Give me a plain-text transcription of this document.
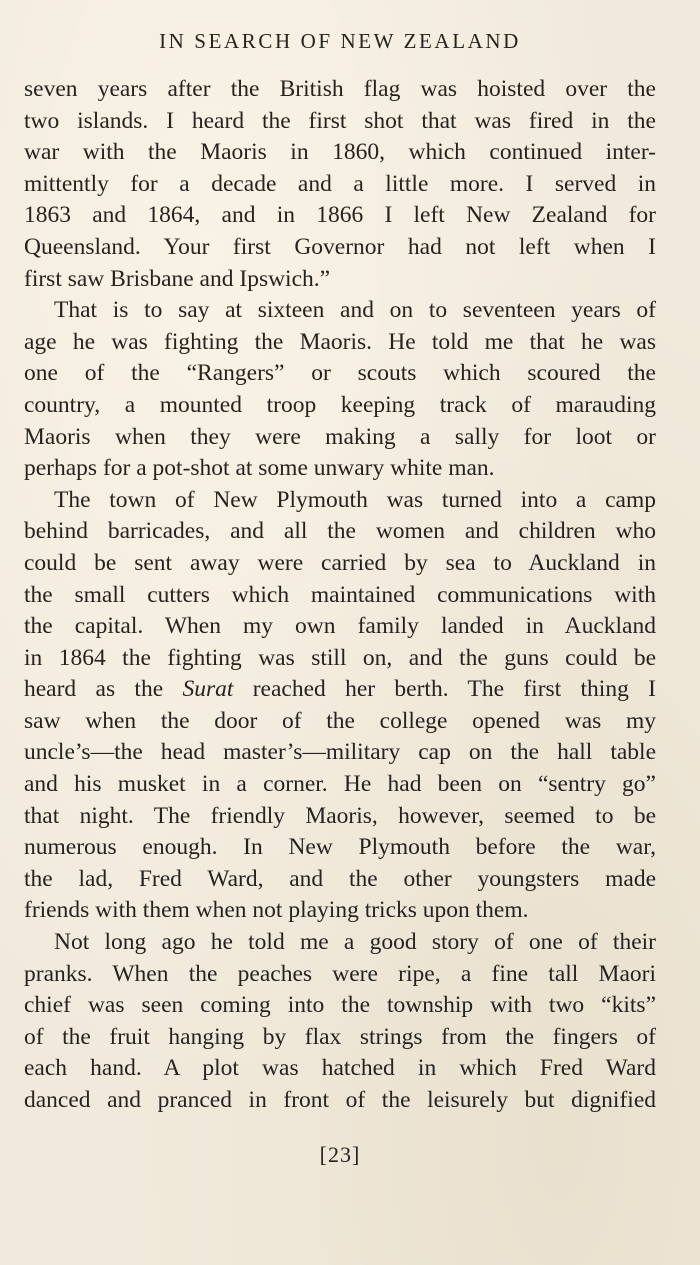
IN SEARCH OF NEW ZEALAND
seven years after the British flag was hoisted over the
two islands. I heard the first shot that was fired in the
war with the Maoris in 1860, which continued inter-
mittently for a decade and a little more. I served in
1863 and 1864, and in 1866 I left New Zealand for
Queensland. Your first Governor had not left when I
first saw Brisbane and Ipswich.”
That is to say at sixteen and on to seventeen years of
age he was fighting the Maoris. He told me that he was
one of the “Rangers” or scouts which scoured the
country, a mounted troop keeping track of marauding
Maoris when they were making a sally for loot or
perhaps for a pot-shot at some unwary white man.
The town of New Plymouth was turned into a camp
behind barricades, and all the women and children who
could be sent away were carried by sea to Auckland in
the small cutters which maintained communications with
the capital. When my own family landed in Auckland
in 1864 the fighting was still on, and the guns could be
heard as the Surat reached her berth. The first thing I
saw when the door of the college opened was my
uncle’s—the head master’s—military cap on the hall table
and his musket in a corner. He had been on “sentry go”
that night. The friendly Maoris, however, seemed to be
numerous enough. In New Plymouth before the war,
the lad, Fred Ward, and the other youngsters made
friends with them when not playing tricks upon them.
Not long ago he told me a good story of one of their
pranks. When the peaches were ripe, a fine tall Maori
chief was seen coming into the township with two “kits”
of the fruit hanging by flax strings from the fingers of
each hand. A plot was hatched in which Fred Ward
danced and pranced in front of the leisurely but dignified
[23]
